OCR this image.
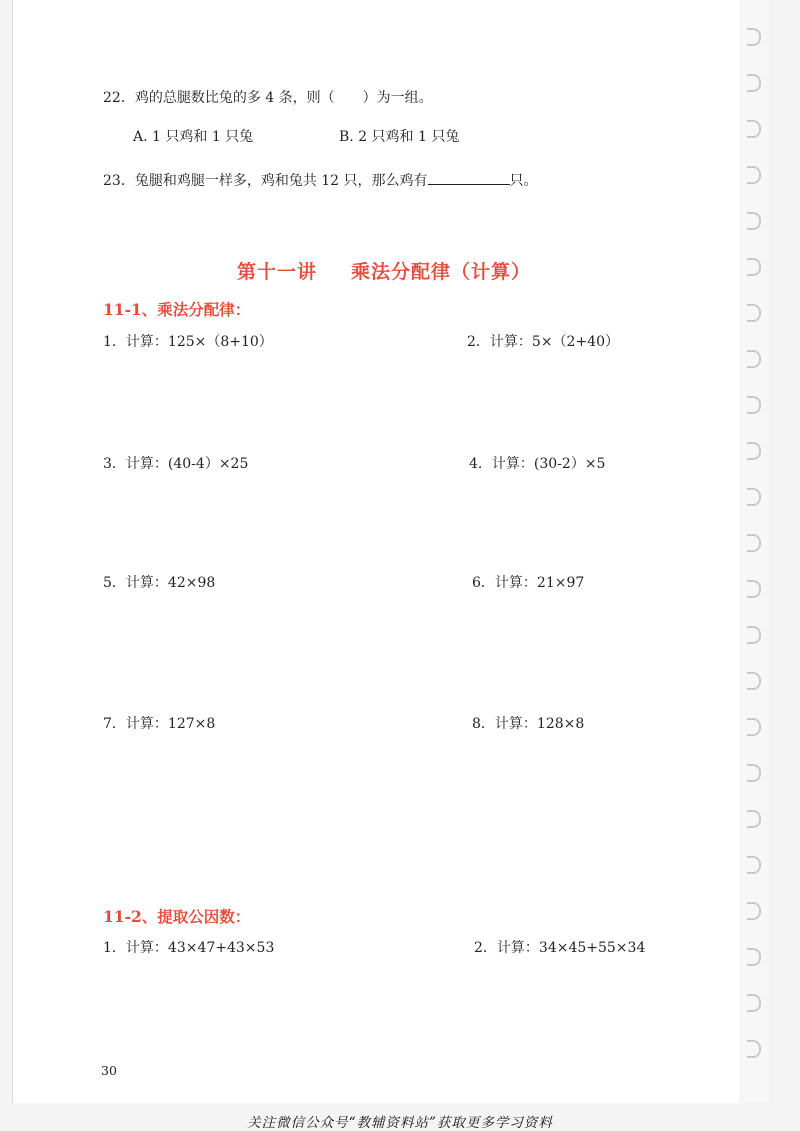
22．鸡的总腿数比兔的多 4 条，则（　　）为一组。
A. 1 只鸡和 1 只兔	B. 2 只鸡和 1 只兔
23．兔腿和鸡腿一样多，鸡和兔共 12 只，那么鸡有	只。
第十一讲 乘法分配律（计算）
11-1、乘法分配律：
1．计算：125×（8+10）	2．计算：5×（2+40）
3．计算：(40-4）×25	4．计算：(30-2）×5
5．计算：42×98	6．计算：21×97
7．计算：127×8	8．计算：128×8
11-2、提取公因数：
1．计算：43×47+43×53	2．计算：34×45+55×34
30
关注微信公众号“教辅资料站”获取更多学习资料
